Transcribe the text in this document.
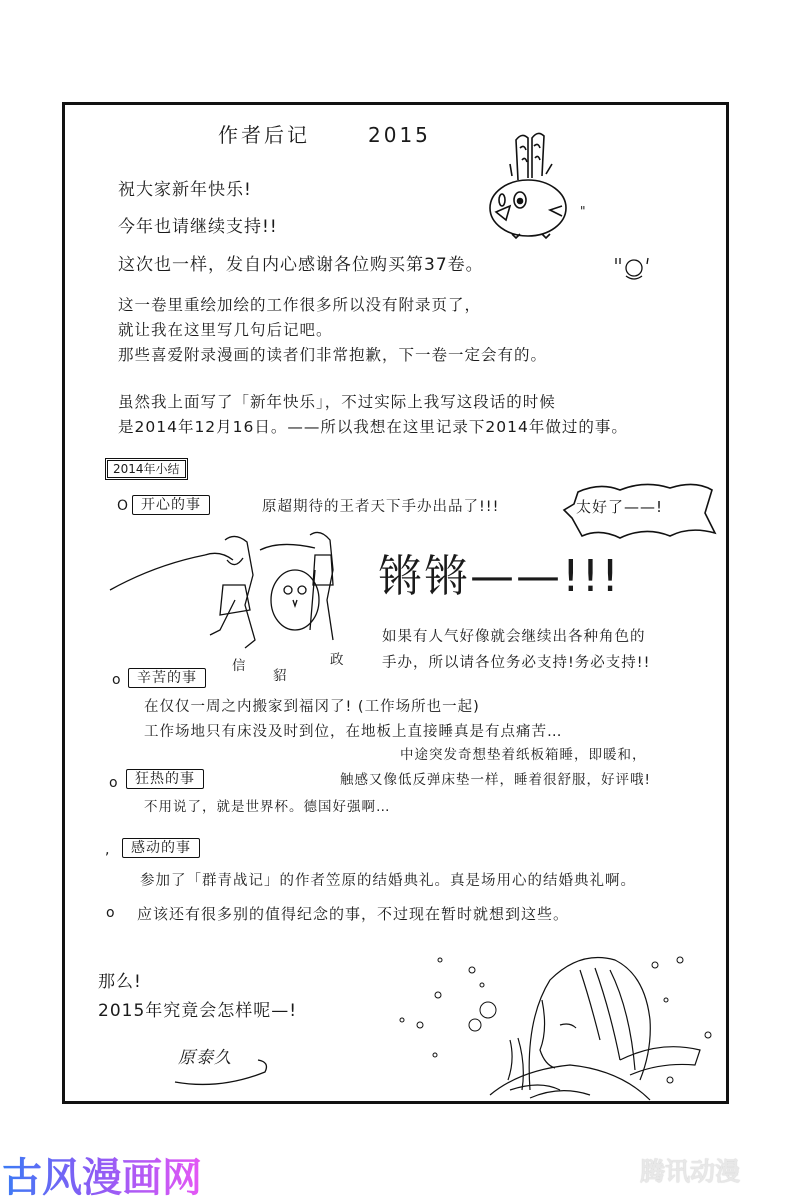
作者后记	2015
"
祝大家新年快乐!
今年也请继续支持!!
这次也一样，发自内心感谢各位购买第37卷。
这一卷里重绘加绘的工作很多所以没有附录页了，
就让我在这里写几句后记吧。
那些喜爱附录漫画的读者们非常抱歉，下一卷一定会有的。
虽然我上面写了「新年快乐」，不过实际上我写这段话的时候
是2014年12月16日。——所以我想在这里记录下2014年做过的事。
2014年小结
O 开心的事	原超期待的王者天下手办出品了!!!	太好了——!
信
貂
政
锵锵——!!!
如果有人气好像就会继续出各种角色的
手办，所以请各位务必支持!务必支持!!
o	辛苦的事
在仅仅一周之内搬家到福冈了! (工作场所也一起)
工作场地只有床没及时到位，在地板上直接睡真是有点痛苦…
中途突发奇想垫着纸板箱睡，即暖和，
触感又像低反弹床垫一样，睡着很舒服，好评哦!
o	狂热的事
不用说了，就是世界杯。德国好强啊…
,	感动的事
参加了「群青战记」的作者笠原的结婚典礼。真是场用心的结婚典礼啊。
o 应该还有很多别的值得纪念的事，不过现在暂时就想到这些。
那么!
2015年究竟会怎样呢—!
原泰久
古风漫画网	腾讯动漫
